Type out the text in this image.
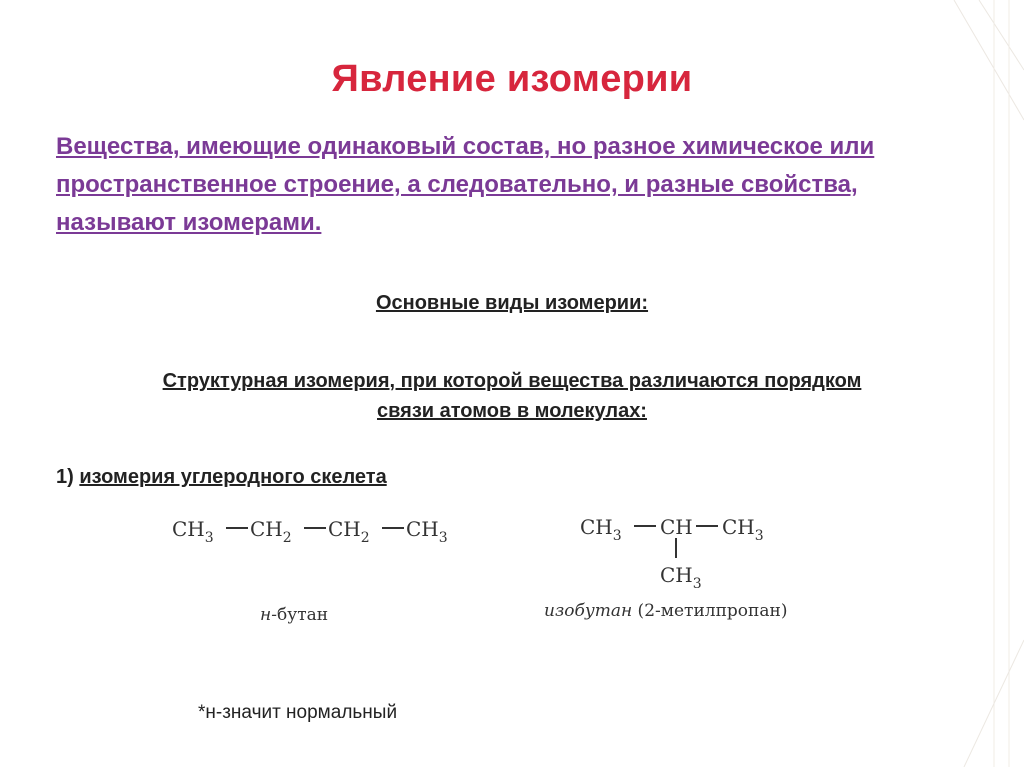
Явление изомерии
Вещества, имеющие одинаковый состав, но разное химическое или пространственное строение, а следовательно, и разные свойства, называют изомерами.
Основные виды изомерии:
Структурная изомерия, при которой вещества различаются порядком
связи атомов в молекулах:
1) изомерия углеродного скелета
$CH_3$ $CH_2$ $CH_2$ $CH_3$
н-бутан
$CH_3$ CH $CH_3$
$CH_3$
изобутан (2-метилпропан)
*н-значит нормальный
